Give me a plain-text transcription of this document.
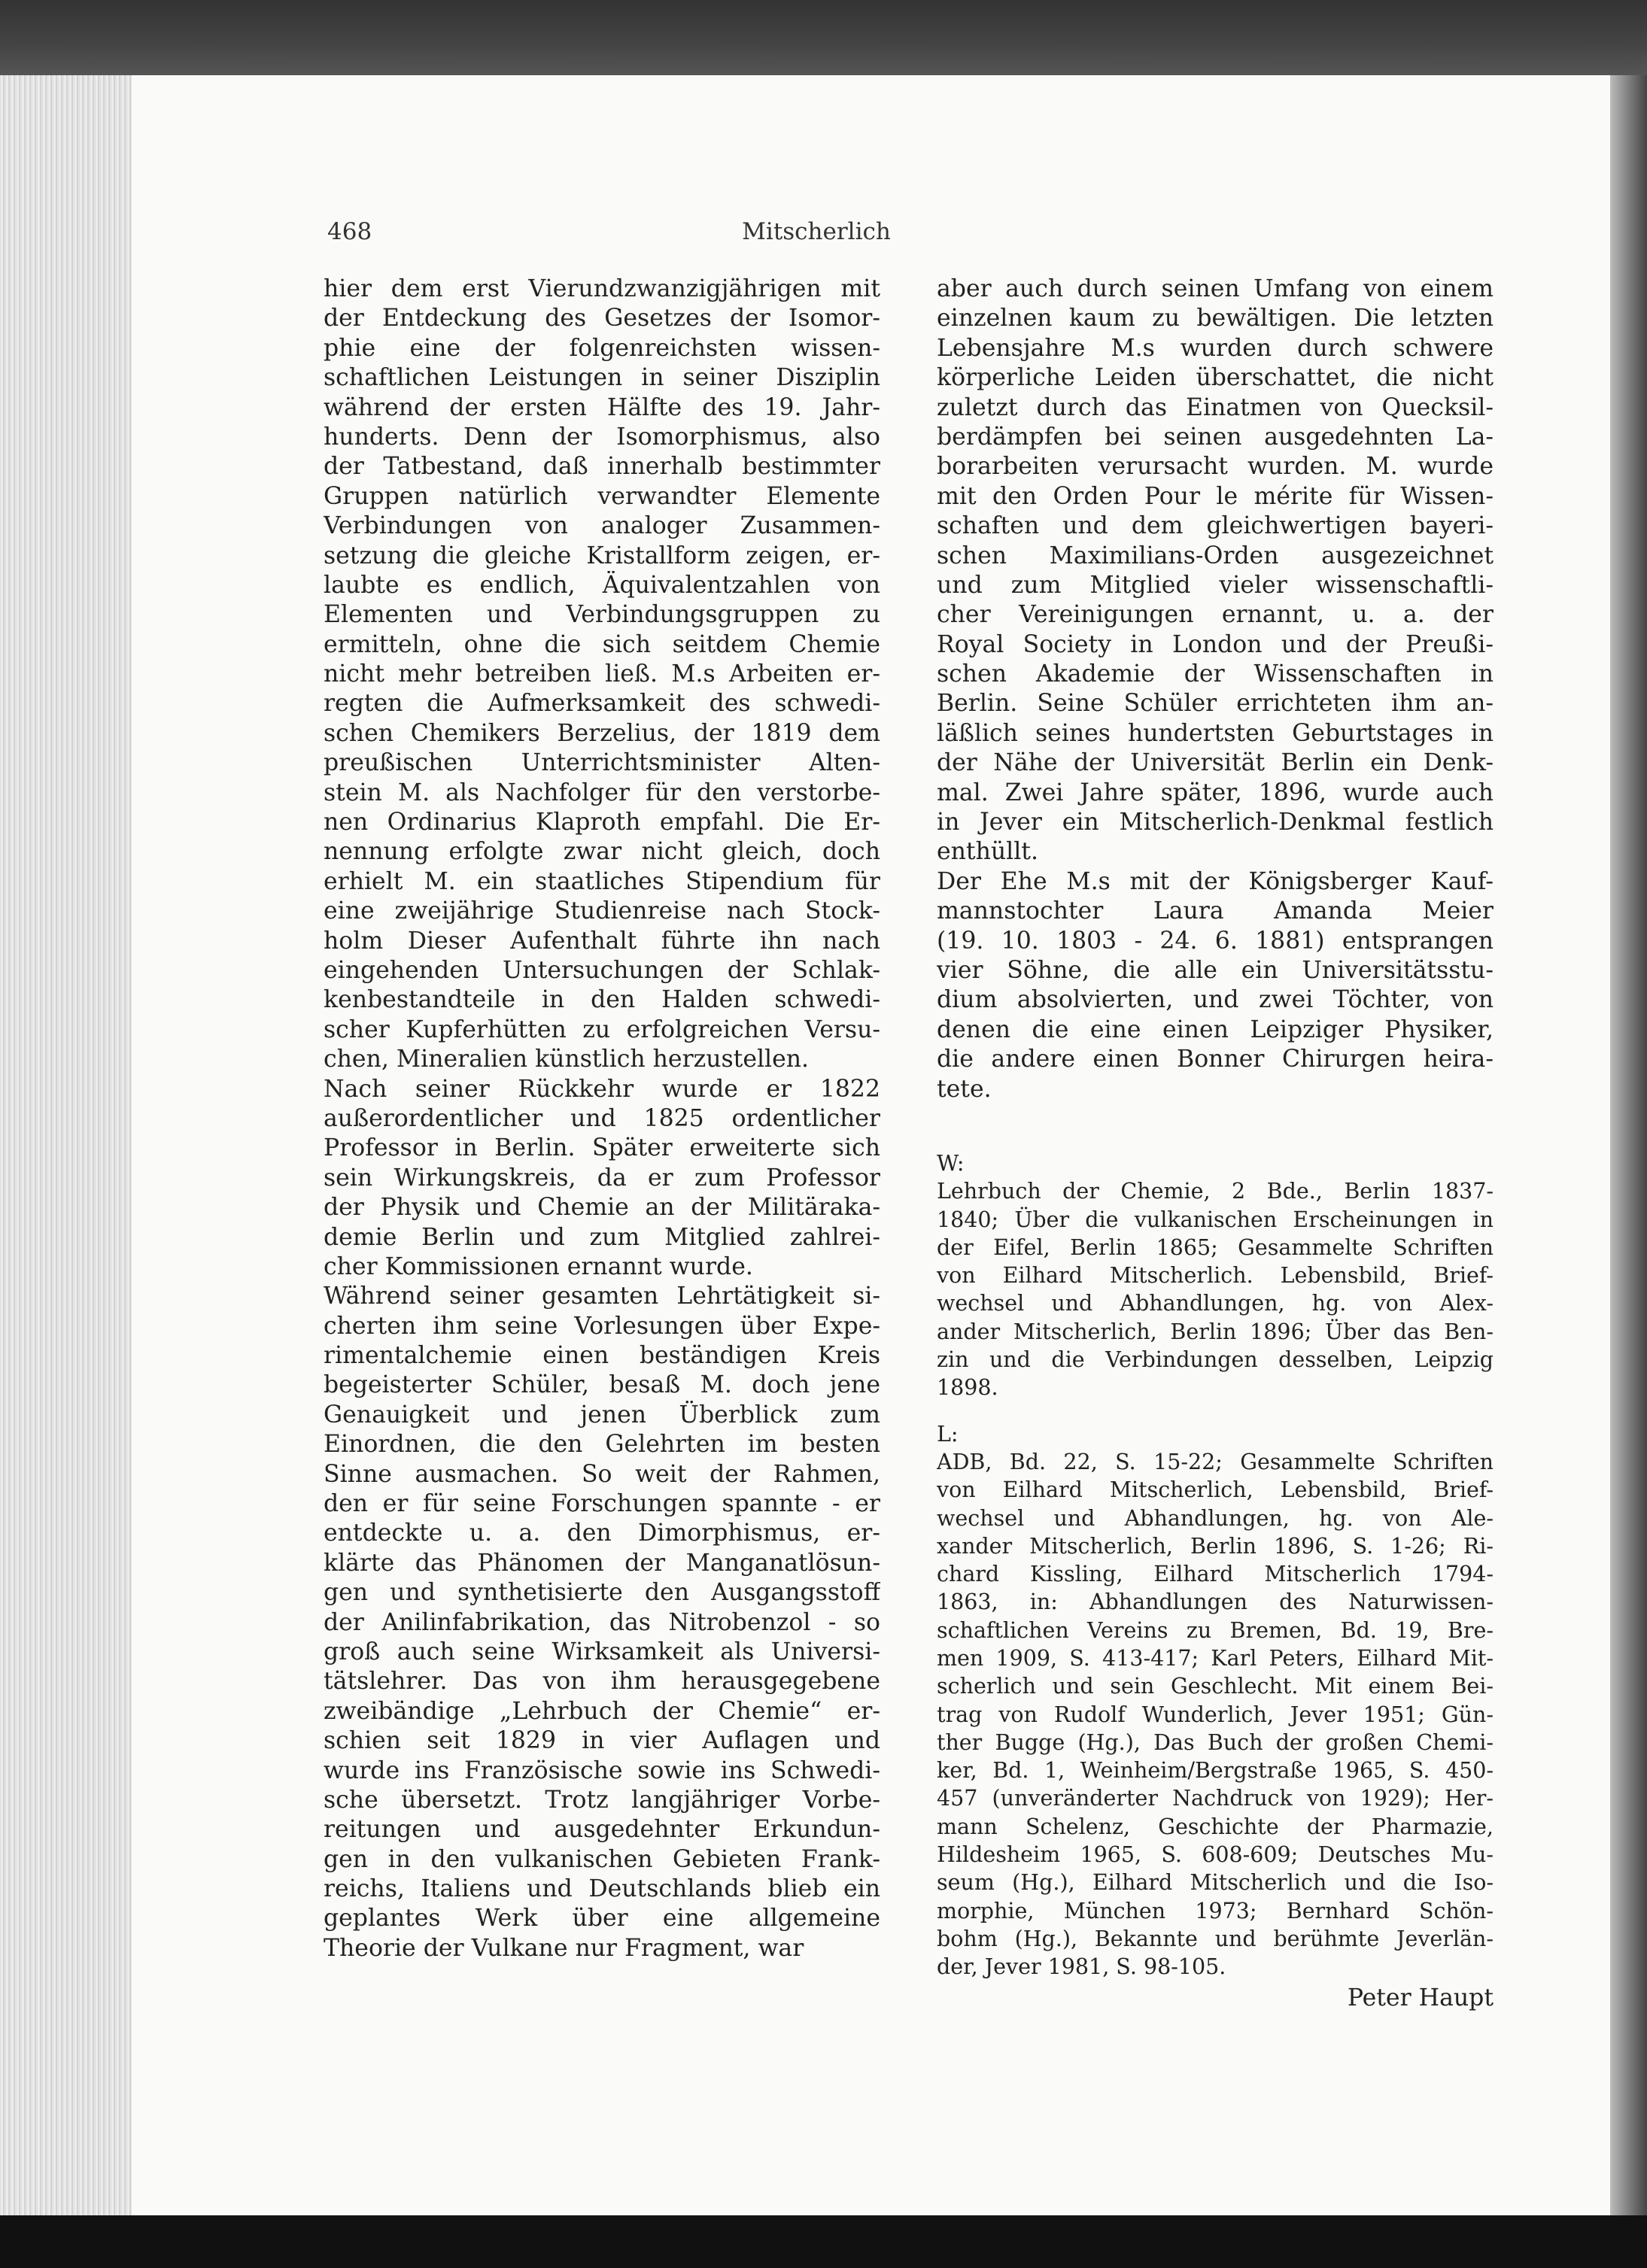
468	Mitscherlich
hier dem erst Vierundzwanzigjährigen mit
der Entdeckung des Gesetzes der Isomor-
phie eine der folgenreichsten wissen-
schaftlichen Leistungen in seiner Disziplin
während der ersten Hälfte des 19. Jahr-
hunderts. Denn der Isomorphismus, also
der Tatbestand, daß innerhalb bestimmter
Gruppen natürlich verwandter Elemente
Verbindungen von analoger Zusammen-
setzung die gleiche Kristallform zeigen, er-
laubte es endlich, Äquivalentzahlen von
Elementen und Verbindungsgruppen zu
ermitteln, ohne die sich seitdem Chemie
nicht mehr betreiben ließ. M.s Arbeiten er-
regten die Aufmerksamkeit des schwedi-
schen Chemikers Berzelius, der 1819 dem
preußischen Unterrichtsminister Alten-
stein M. als Nachfolger für den verstorbe-
nen Ordinarius Klaproth empfahl. Die Er-
nennung erfolgte zwar nicht gleich, doch
erhielt M. ein staatliches Stipendium für
eine zweijährige Studienreise nach Stock-
holm Dieser Aufenthalt führte ihn nach
eingehenden Untersuchungen der Schlak-
kenbestandteile in den Halden schwedi-
scher Kupferhütten zu erfolgreichen Versu-
chen, Mineralien künstlich herzustellen.
Nach seiner Rückkehr wurde er 1822
außerordentlicher und 1825 ordentlicher
Professor in Berlin. Später erweiterte sich
sein Wirkungskreis, da er zum Professor
der Physik und Chemie an der Militäraka-
demie Berlin und zum Mitglied zahlrei-
cher Kommissionen ernannt wurde.
Während seiner gesamten Lehrtätigkeit si-
cherten ihm seine Vorlesungen über Expe-
rimentalchemie einen beständigen Kreis
begeisterter Schüler, besaß M. doch jene
Genauigkeit und jenen Überblick zum
Einordnen, die den Gelehrten im besten
Sinne ausmachen. So weit der Rahmen,
den er für seine Forschungen spannte - er
entdeckte u. a. den Dimorphismus, er-
klärte das Phänomen der Manganatlösun-
gen und synthetisierte den Ausgangsstoff
der Anilinfabrikation, das Nitrobenzol - so
groß auch seine Wirksamkeit als Universi-
tätslehrer. Das von ihm herausgegebene
zweibändige „Lehrbuch der Chemie“ er-
schien seit 1829 in vier Auflagen und
wurde ins Französische sowie ins Schwedi-
sche übersetzt. Trotz langjähriger Vorbe-
reitungen und ausgedehnter Erkundun-
gen in den vulkanischen Gebieten Frank-
reichs, Italiens und Deutschlands blieb ein
geplantes Werk über eine allgemeine
Theorie der Vulkane nur Fragment, war
aber auch durch seinen Umfang von einem
einzelnen kaum zu bewältigen. Die letzten
Lebensjahre M.s wurden durch schwere
körperliche Leiden überschattet, die nicht
zuletzt durch das Einatmen von Quecksil-
berdämpfen bei seinen ausgedehnten La-
borarbeiten verursacht wurden. M. wurde
mit den Orden Pour le mérite für Wissen-
schaften und dem gleichwertigen bayeri-
schen Maximilians-Orden ausgezeichnet
und zum Mitglied vieler wissenschaftli-
cher Vereinigungen ernannt, u. a. der
Royal Society in London und der Preußi-
schen Akademie der Wissenschaften in
Berlin. Seine Schüler errichteten ihm an-
läßlich seines hundertsten Geburtstages in
der Nähe der Universität Berlin ein Denk-
mal. Zwei Jahre später, 1896, wurde auch
in Jever ein Mitscherlich-Denkmal festlich
enthüllt.
Der Ehe M.s mit der Königsberger Kauf-
mannstochter Laura Amanda Meier
(19. 10. 1803 - 24. 6. 1881) entsprangen
vier Söhne, die alle ein Universitätsstu-
dium absolvierten, und zwei Töchter, von
denen die eine einen Leipziger Physiker,
die andere einen Bonner Chirurgen heira-
tete.
W:
Lehrbuch der Chemie, 2 Bde., Berlin 1837-
1840; Über die vulkanischen Erscheinungen in
der Eifel, Berlin 1865; Gesammelte Schriften
von Eilhard Mitscherlich. Lebensbild, Brief-
wechsel und Abhandlungen, hg. von Alex-
ander Mitscherlich, Berlin 1896; Über das Ben-
zin und die Verbindungen desselben, Leipzig
1898.
L:
ADB, Bd. 22, S. 15-22; Gesammelte Schriften
von Eilhard Mitscherlich, Lebensbild, Brief-
wechsel und Abhandlungen, hg. von Ale-
xander Mitscherlich, Berlin 1896, S. 1-26; Ri-
chard Kissling, Eilhard Mitscherlich 1794-
1863, in: Abhandlungen des Naturwissen-
schaftlichen Vereins zu Bremen, Bd. 19, Bre-
men 1909, S. 413-417; Karl Peters, Eilhard Mit-
scherlich und sein Geschlecht. Mit einem Bei-
trag von Rudolf Wunderlich, Jever 1951; Gün-
ther Bugge (Hg.), Das Buch der großen Chemi-
ker, Bd. 1, Weinheim/Bergstraße 1965, S. 450-
457 (unveränderter Nachdruck von 1929); Her-
mann Schelenz, Geschichte der Pharmazie,
Hildesheim 1965, S. 608-609; Deutsches Mu-
seum (Hg.), Eilhard Mitscherlich und die Iso-
morphie, München 1973; Bernhard Schön-
bohm (Hg.), Bekannte und berühmte Jeverlän-
der, Jever 1981, S. 98-105.
Peter Haupt
